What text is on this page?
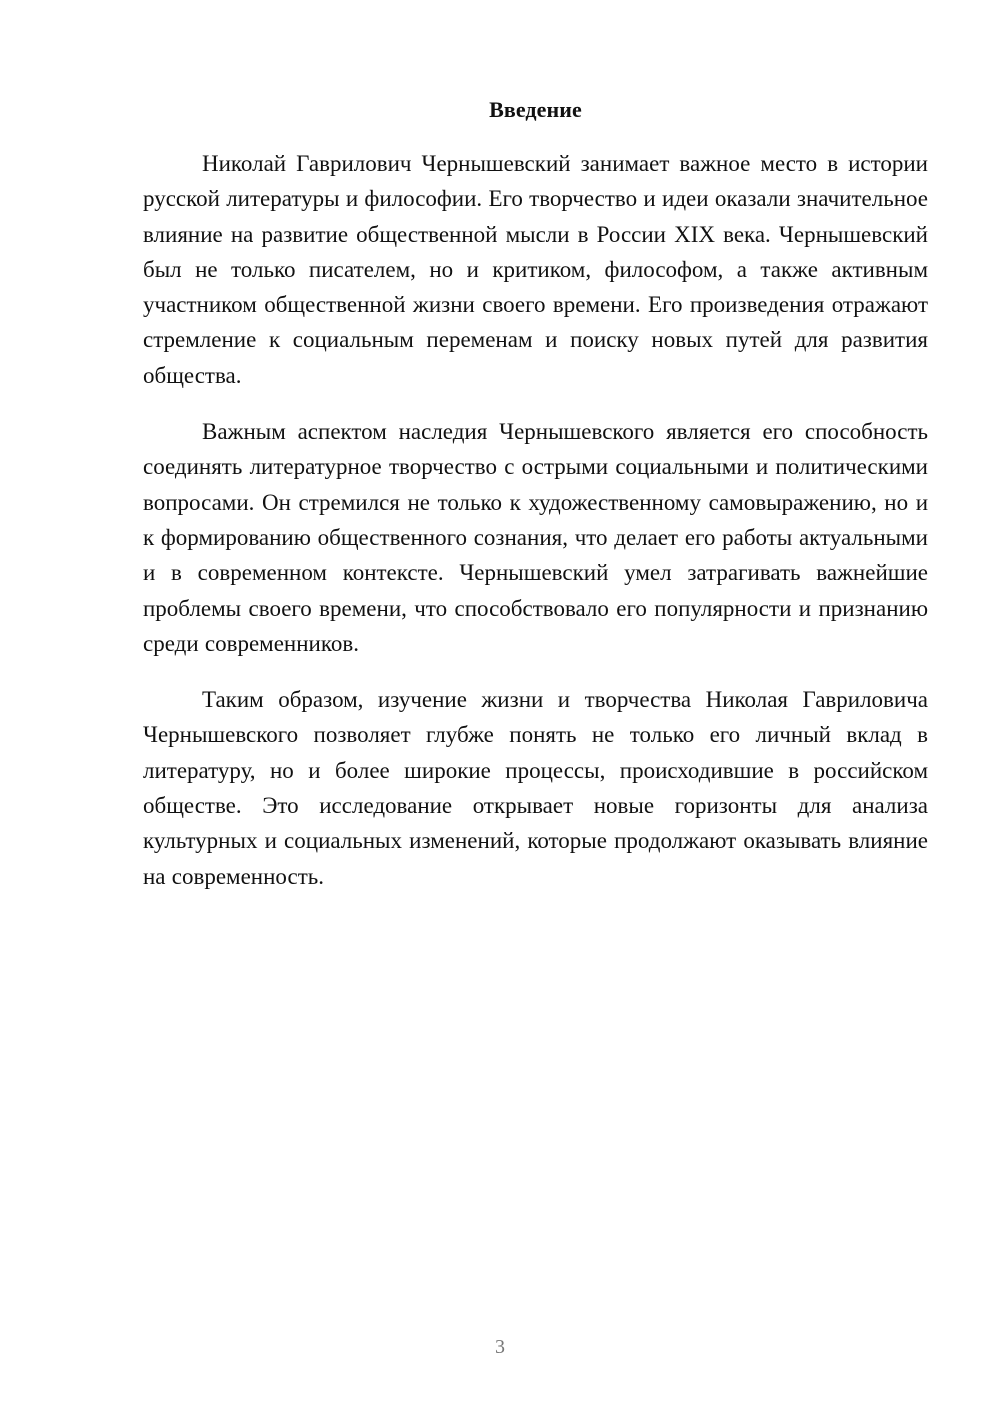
Введение

Николай Гаврилович Чернышевский занимает важное место в истории русской литературы и философии. Его творчество и идеи оказали значительное влияние на развитие общественной мысли в России XIX века. Чернышевский был не только писателем, но и критиком, философом, а также активным участником общественной жизни своего времени. Его произведения отражают стремление к социальным переменам и поиску новых путей для развития общества.

Важным аспектом наследия Чернышевского является его способность соединять литературное творчество с острыми социальными и политическими вопросами. Он стремился не только к художественному самовыражению, но и к формированию общественного сознания, что делает его работы актуальными и в современном контексте. Чернышевский умел затрагивать важнейшие проблемы своего времени, что способствовало его популярности и признанию среди современников.

Таким образом, изучение жизни и творчества Николая Гавриловича Чернышевского позволяет глубже понять не только его личный вклад в литературу, но и более широкие процессы, происходившие в российском обществе. Это исследование открывает новые горизонты для анализа культурных и социальных изменений, которые продолжают оказывать влияние на современность.

3
